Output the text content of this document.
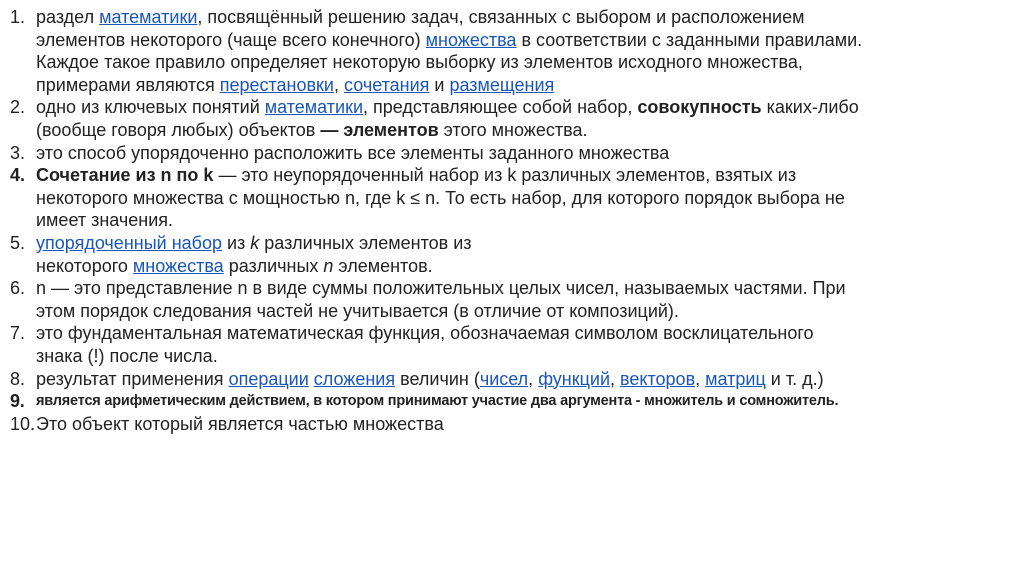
1. раздел математики, посвящённый решению задач, связанных с выбором и расположением
элементов некоторого (чаще всего конечного) множества в соответствии с заданными правилами.
Каждое такое правило определяет некоторую выборку из элементов исходного множества,
примерами являются перестановки, сочетания и размещения
2. одно из ключевых понятий математики, представляющее собой набор, совокупность каких-либо
(вообще говоря любых) объектов — элементов этого множества.
3. это способ упорядоченно расположить все элементы заданного множества
4. Сочетание из n по k — это неупорядоченный набор из k различных элементов, взятых из
некоторого множества с мощностью n, где k ≤ n. То есть набор, для которого порядок выбора не
имеет значения.
5. упорядоченный набор из k различных элементов из
некоторого множества различных n элементов.
6. n — это представление n в виде суммы положительных целых чисел, называемых частями. При
этом порядок следования частей не учитывается (в отличие от композиций).
7. это фундаментальная математическая функция, обозначаемая символом восклицательного
знака (!) после числа.
8. результат применения операции сложения величин (чисел, функций, векторов, матриц и т. д.)
9. является арифметическим действием, в котором принимают участие два аргумента - множитель и сомножитель.
10. Это объект который является частью множества
